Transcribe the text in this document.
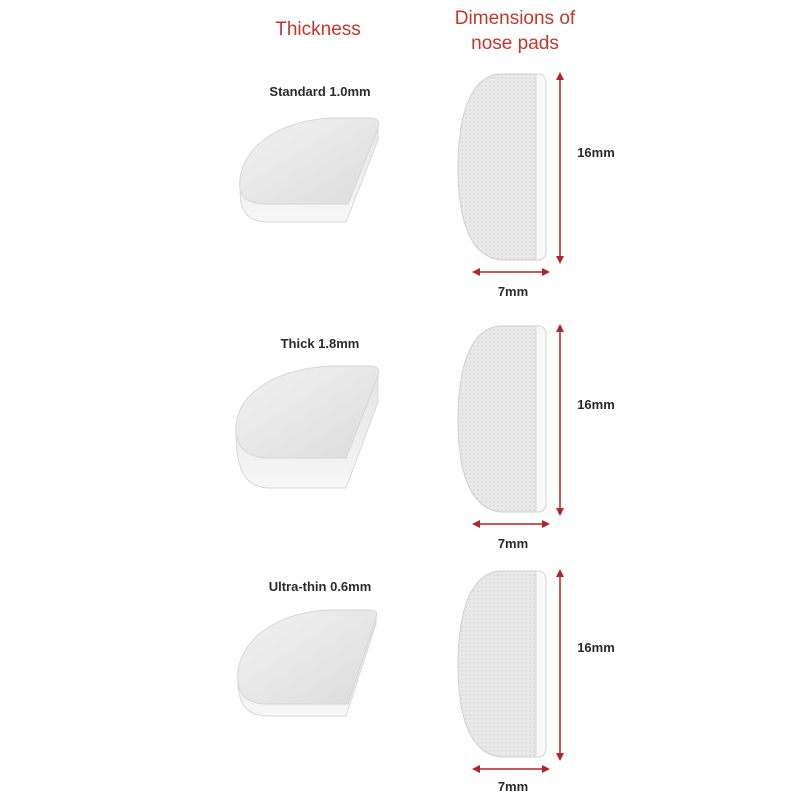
Thickness
Dimensions of nose pads
Standard 1.0mm
16mm
7mm
Thick 1.8mm
16mm
7mm
Ultra-thin 0.6mm
16mm
7mm
